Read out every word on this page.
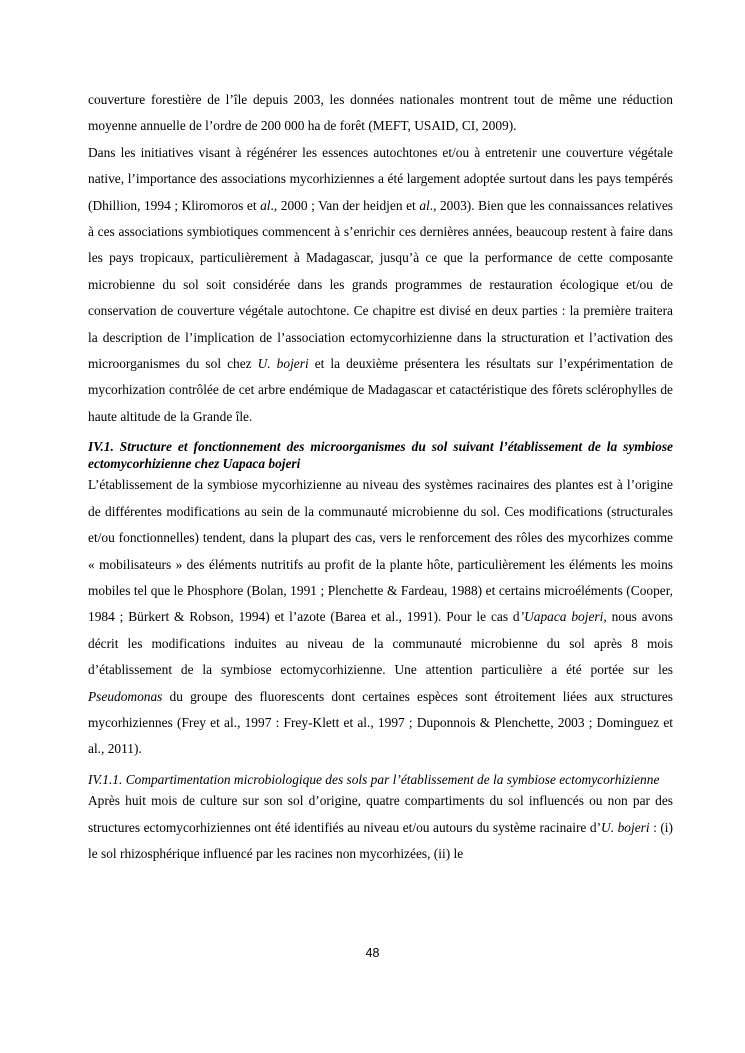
couverture forestière de l’île depuis 2003, les données nationales montrent tout de même une réduction moyenne annuelle de l’ordre de 200 000 ha de forêt (MEFT, USAID, CI, 2009).

Dans les initiatives visant à régénérer les essences autochtones et/ou à entretenir une couverture végétale native, l’importance des associations mycorhiziennes a été largement adoptée surtout dans les pays tempérés (Dhillion, 1994 ; Kliromoros et al., 2000 ; Van der heidjen et al., 2003). Bien que les connaissances relatives à ces associations symbiotiques commencent à s’enrichir ces dernières années, beaucoup restent à faire dans les pays tropicaux, particulièrement à Madagascar, jusqu’à ce que la performance de cette composante microbienne du sol soit considérée dans les grands programmes de restauration écologique et/ou de conservation de couverture végétale autochtone. Ce chapitre est divisé en deux parties : la première traitera la description de l’implication de l’association ectomycorhizienne dans la structuration et l’activation des microorganismes du sol chez U. bojeri et la deuxième présentera les résultats sur l’expérimentation de mycorhization contrôlée de cet arbre endémique de Madagascar et catactéristique des fôrets sclérophylles de haute altitude de la Grande île.

IV.1. Structure et fonctionnement des microorganismes du sol suivant l’établissement de la symbiose ectomycorhizienne chez Uapaca bojeri

L’établissement de la symbiose mycorhizienne au niveau des systèmes racinaires des plantes est à l’origine de différentes modifications au sein de la communauté microbienne du sol. Ces modifications (structurales et/ou fonctionnelles) tendent, dans la plupart des cas, vers le renforcement des rôles des mycorhizes comme « mobilisateurs » des éléments nutritifs au profit de la plante hôte, particulièrement les éléments les moins mobiles tel que le Phosphore (Bolan, 1991 ; Plenchette & Fardeau, 1988) et certains microéléments (Cooper, 1984 ; Bürkert & Robson, 1994) et l’azote (Barea et al., 1991). Pour le cas d’Uapaca bojeri, nous avons décrit les modifications induites au niveau de la communauté microbienne du sol après 8 mois d’établissement de la symbiose ectomycorhizienne. Une attention particulière a été portée sur les Pseudomonas du groupe des fluorescents dont certaines espèces sont étroitement liées aux structures mycorhiziennes (Frey et al., 1997 : Frey-Klett et al., 1997 ; Duponnois & Plenchette, 2003 ; Dominguez et al., 2011).

IV.1.1. Compartimentation microbiologique des sols par l’établissement de la symbiose ectomycorhizienne

Après huit mois de culture sur son sol d’origine, quatre compartiments du sol influencés ou non par des structures ectomycorhiziennes ont été identifiés au niveau et/ou autours du système racinaire d’U. bojeri : (i) le sol rhizosphérique influencé par les racines non mycorhizées, (ii) le

48
